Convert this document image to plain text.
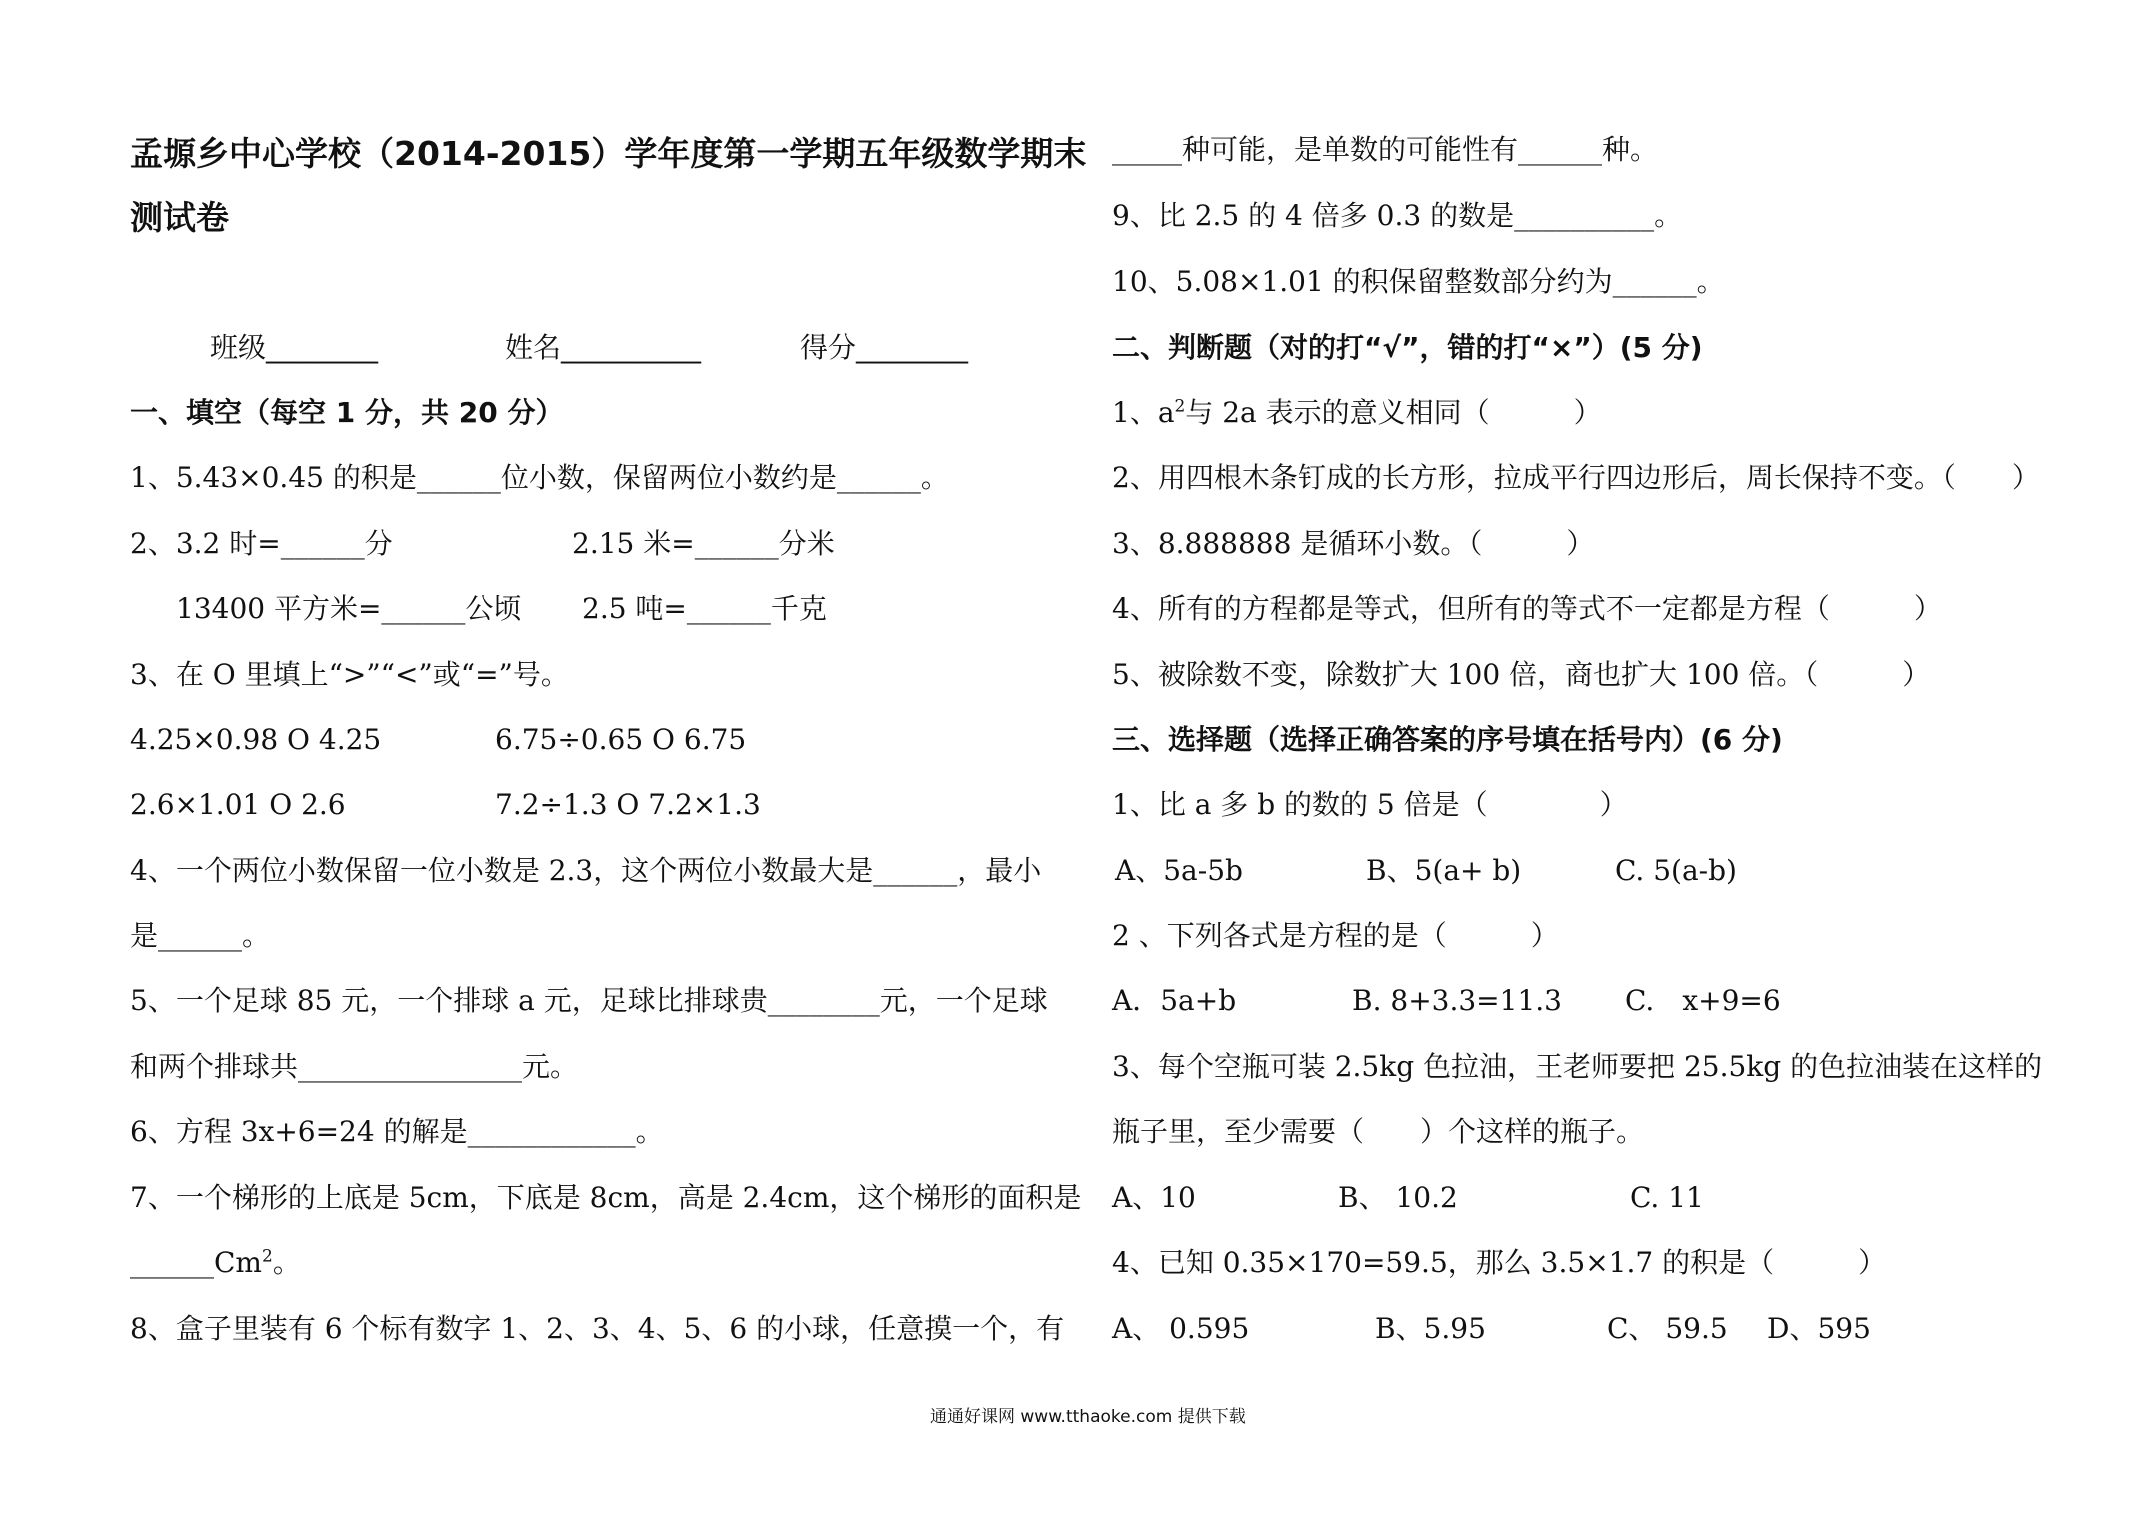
孟塬乡中心学校（2014-2015）学年度第一学期五年级数学期末
测试卷
班级________	姓名__________	得分________
一、填空（每空 1 分，共 20 分）
1、5.43×0.45 的积是______位小数，保留两位小数约是______。
2、3.2 时=______分	2.15 米=______分米
13400 平方米=______公顷 2.5 吨=______千克
3、在 O 里填上“>”“<”或“=”号。
4.25×0.98 O 4.25	6.75÷0.65 O 6.75
2.6×1.01 O 2.6	7.2÷1.3 O 7.2×1.3
4、一个两位小数保留一位小数是 2.3，这个两位小数最大是______，最小
是______。
5、一个足球 85 元，一个排球 a 元，足球比排球贵________元，一个足球
和两个排球共________________元。
6、方程 3x+6=24 的解是____________。
7、一个梯形的上底是 5cm，下底是 8cm，高是 2.4cm，这个梯形的面积是
______Cm$^2$。
8、盒子里装有 6 个标有数字 1、2、3、4、5、6 的小球，任意摸一个，有
_____种可能，是单数的可能性有______种。
9、比 2.5 的 4 倍多 0.3 的数是__________。
10、5.08×1.01 的积保留整数部分约为______。
二、判断题（对的打“√”，错的打“×”）(5 分)
1、$a^2$与 2a 表示的意义相同（　　　）
2、用四根木条钉成的长方形，拉成平行四边形后，周长保持不变。（　　）
3、8.888888 是循环小数。（　　　）
4、所有的方程都是等式，但所有的等式不一定都是方程（　　　）
5、被除数不变，除数扩大 100 倍，商也扩大 100 倍。（　　　）
三、选择题（选择正确答案的序号填在括号内）(6 分)
1、比 a 多 b 的数的 5 倍是（　　　　）
A、5a-5b	B、5(a+ b)	C. 5(a-b)
2 、下列各式是方程的是（　　　）
A．5a+b	B. 8+3.3=11.3 C.　x+9=6
3、每个空瓶可装 2.5kg 色拉油，王老师要把 25.5kg 的色拉油装在这样的
瓶子里，至少需要（　　）个这样的瓶子。
A、10	B、 10.2	C. 11
4、已知 0.35×170=59.5，那么 3.5×1.7 的积是（　　　）
A、 0.595	B、5.95	C、 59.5 D、595
通通好课网 www.tthaoke.com 提供下载
